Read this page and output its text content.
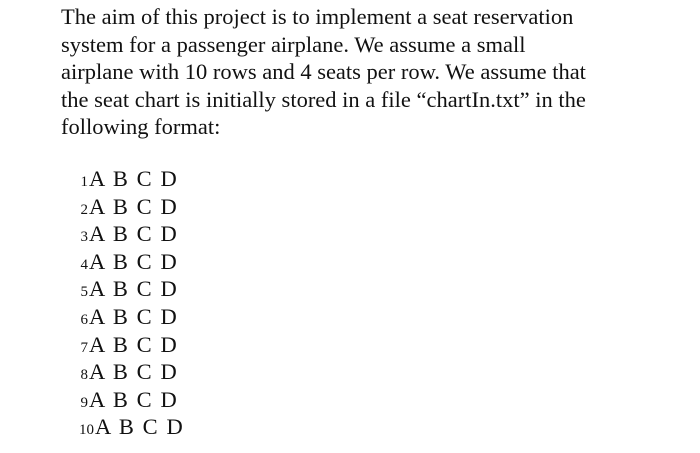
The aim of this project is to implement a seat reservation
system for a passenger airplane. We assume a small
airplane with 10 rows and 4 seats per row. We assume that
the seat chart is initially stored in a file “chartIn.txt” in the
following format:

1 A B C D
2 A B C D
3 A B C D
4 A B C D
5 A B C D
6 A B C D
7 A B C D
8 A B C D
9 A B C D
10 A B C D
